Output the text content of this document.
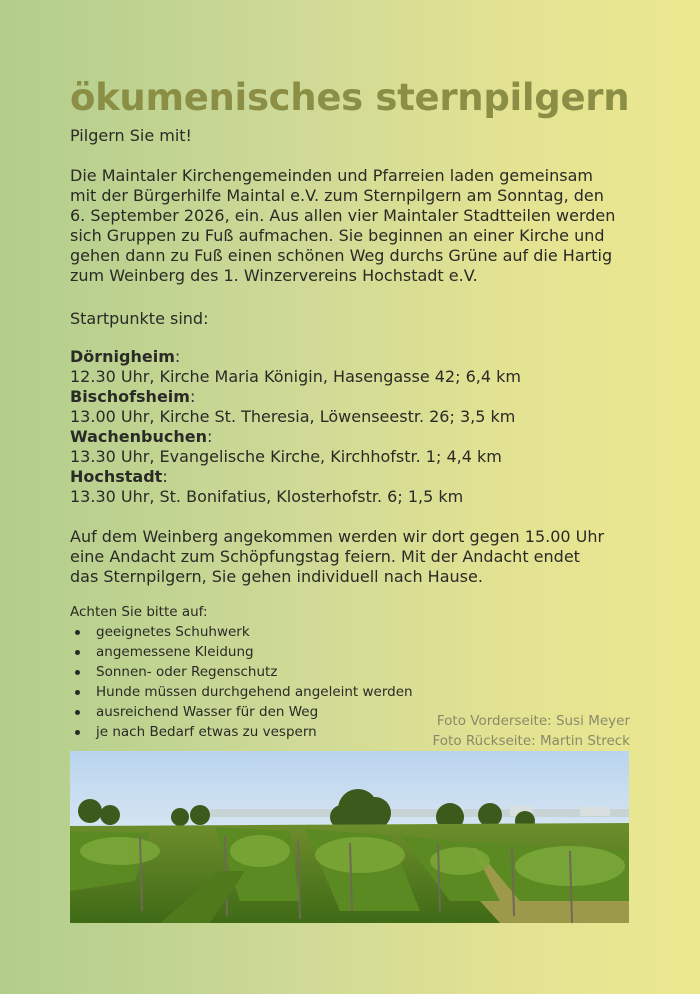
ökumenisches sternpilgern
Pilgern Sie mit!
Die Maintaler Kirchengemeinden und Pfarreien laden gemeinsam
mit der Bürgerhilfe Maintal e.V. zum Sternpilgern am Sonntag, den
6. September 2026, ein. Aus allen vier Maintaler Stadtteilen werden
sich Gruppen zu Fuß aufmachen. Sie beginnen an einer Kirche und
gehen dann zu Fuß einen schönen Weg durchs Grüne auf die Hartig
zum Weinberg des 1. Winzervereins Hochstadt e.V.
Startpunkte sind:
Dörnigheim:
12.30 Uhr, Kirche Maria Königin, Hasengasse 42; 6,4 km
Bischofsheim:
13.00 Uhr, Kirche St. Theresia, Löwenseestr. 26; 3,5 km
Wachenbuchen:
13.30 Uhr, Evangelische Kirche, Kirchhofstr. 1; 4,4 km
Hochstadt:
13.30 Uhr, St. Bonifatius, Klosterhofstr. 6; 1,5 km
Auf dem Weinberg angekommen werden wir dort gegen 15.00 Uhr
eine Andacht zum Schöpfungstag feiern. Mit der Andacht endet
das Sternpilgern, Sie gehen individuell nach Hause.
Achten Sie bitte auf:
geeignetes Schuhwerk
angemessene Kleidung
Sonnen- oder Regenschutz
Hunde müssen durchgehend angeleint werden
ausreichend Wasser für den Weg
je nach Bedarf etwas zu vespern
Foto Vorderseite: Susi Meyer
Foto Rückseite: Martin Streck
